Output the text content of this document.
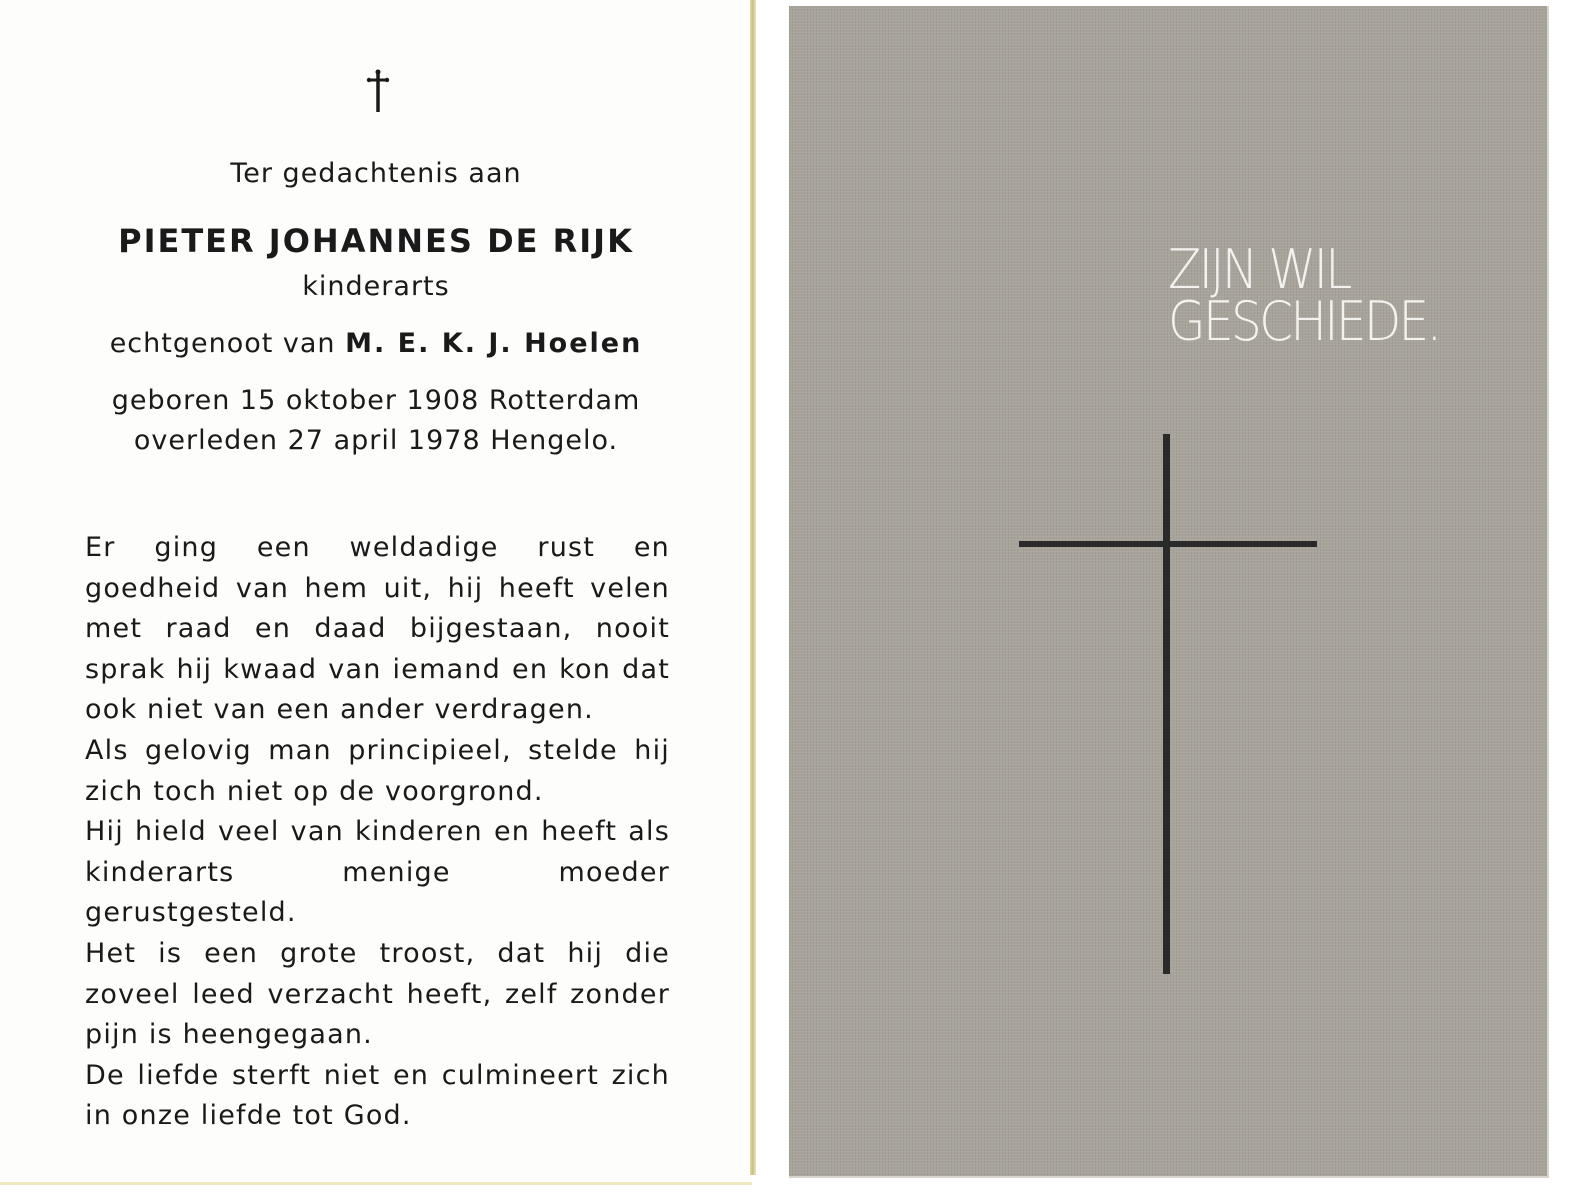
Ter gedachtenis aan
PIETER JOHANNES DE RIJK
kinderarts
echtgenoot van M. E. K. J. Hoelen
geboren 15 oktober 1908 Rotterdam
overleden 27 april 1978 Hengelo.

Er ging een weldadige rust en goedheid van hem uit, hij heeft velen met raad en daad bijgestaan, nooit sprak hij kwaad van iemand en kon dat ook niet van een ander verdragen.

Als gelovig man principieel, stelde hij zich toch niet op de voorgrond.

Hij hield veel van kinderen en heeft als kinderarts menige moeder gerustgesteld.

Het is een grote troost, dat hij die zoveel leed verzacht heeft, zelf zonder pijn is heengegaan.

De liefde sterft niet en culmineert zich in onze liefde tot God.

ZIJN WIL
GESCHIEDE.
